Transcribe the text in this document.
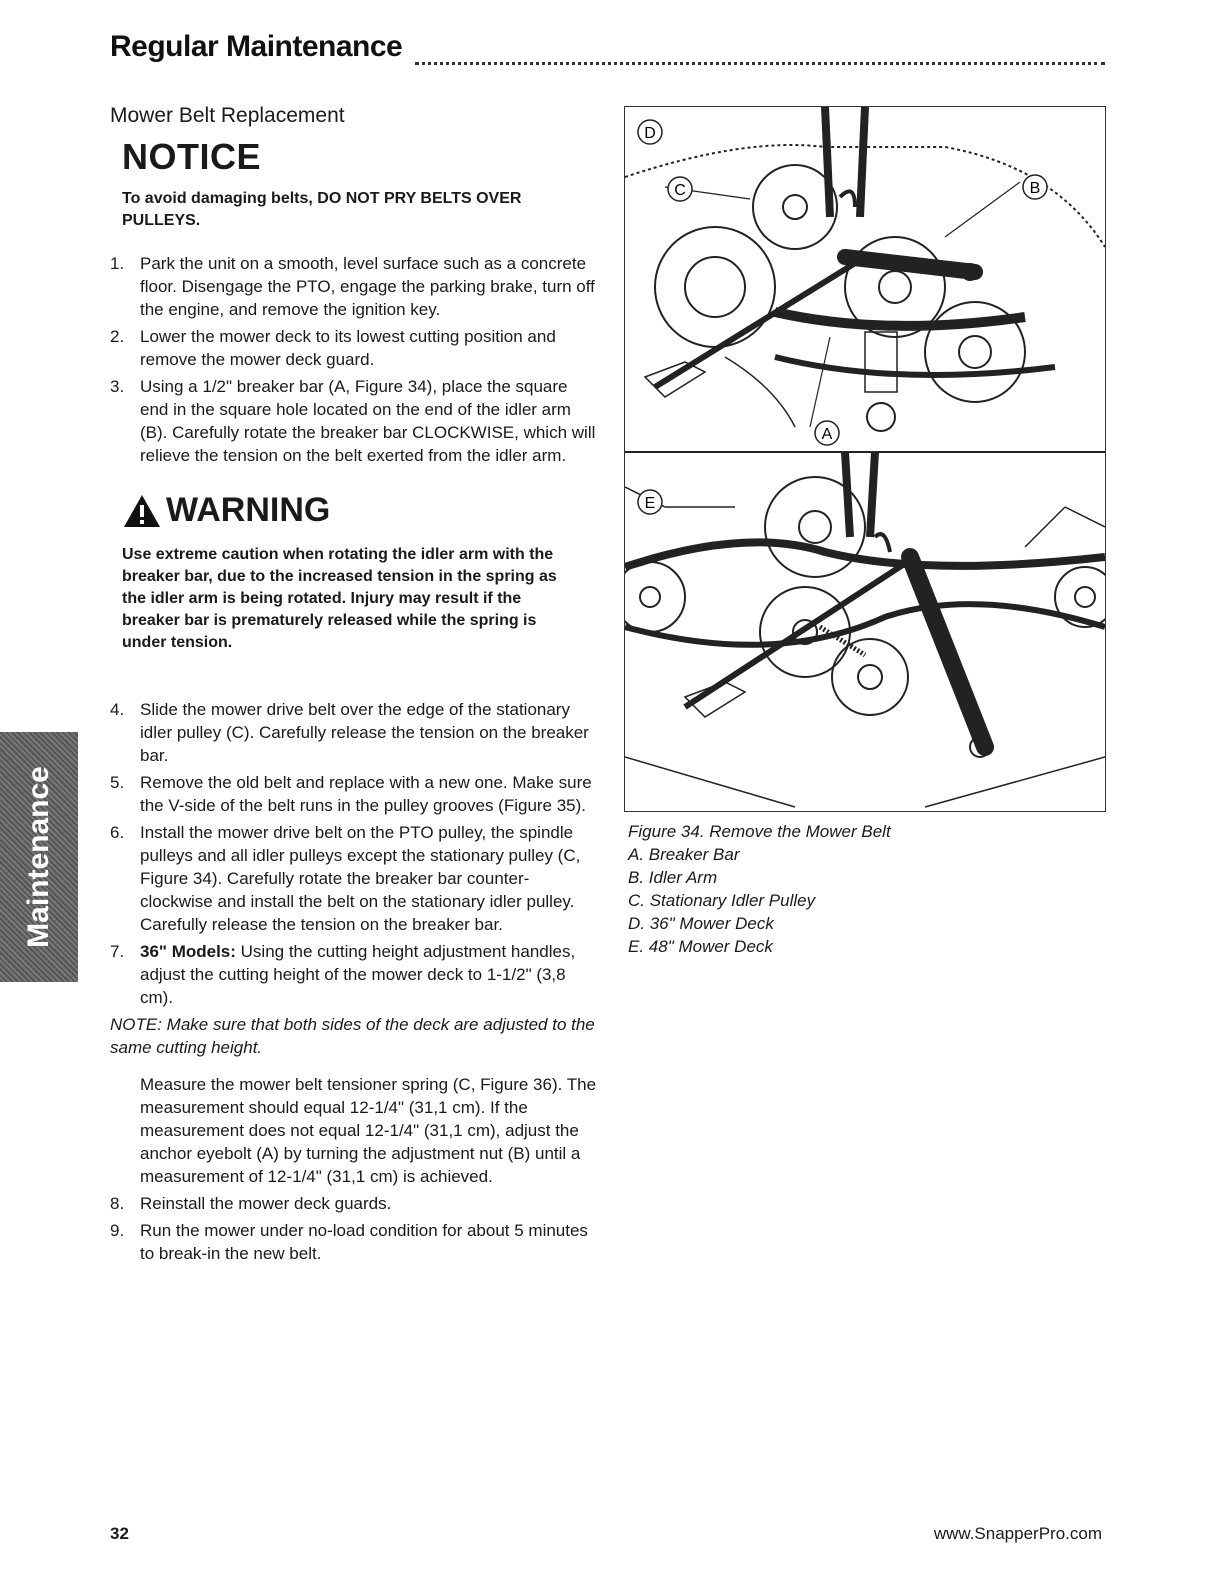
Regular Maintenance
Maintenance
Mower Belt Replacement
NOTICE

To avoid damaging belts, DO NOT PRY BELTS OVER PULLEYS.

1. Park the unit on a smooth, level surface such as a concrete floor. Disengage the PTO, engage the parking brake, turn off the engine, and remove the ignition key.
2. Lower the mower deck to its lowest cutting position and remove the mower deck guard.
3. Using a 1/2" breaker bar (A, Figure 34), place the square end in the square hole located on the end of the idler arm (B). Carefully rotate the breaker bar CLOCKWISE, which will relieve the tension on the belt exerted from the idler arm.
WARNING

Use extreme caution when rotating the idler arm with the breaker bar, due to the increased tension in the spring as the idler arm is being rotated. Injury may result if the breaker bar is prematurely released while the spring is under tension.

4. Slide the mower drive belt over the edge of the stationary idler pulley (C). Carefully release the tension on the breaker bar.
5. Remove the old belt and replace with a new one. Make sure the V-side of the belt runs in the pulley grooves (Figure 35).
6. Install the mower drive belt on the PTO pulley, the spindle pulleys and all idler pulleys except the stationary pulley (C, Figure 34). Carefully rotate the breaker bar counter-clockwise and install the belt on the stationary idler pulley. Carefully release the tension on the breaker bar.
7. 36" Models: Using the cutting height adjustment handles, adjust the cutting height of the mower deck to 1-1/2" (3,8 cm).

NOTE: Make sure that both sides of the deck are adjusted to the same cutting height.

Measure the mower belt tensioner spring (C, Figure 36). The measurement should equal 12-1/4" (31,1 cm). If the measurement does not equal 12-1/4" (31,1 cm), adjust the anchor eyebolt (A) by turning the adjustment nut (B) until a measurement of 12-1/4" (31,1 cm) is achieved.

8. Reinstall the mower deck guards.
9. Run the mower under no-load condition for about 5 minutes to break-in the new belt.
D
C	B
A
E
Figure 34. Remove the Mower Belt
A. Breaker Bar
B. Idler Arm
C. Stationary Idler Pulley
D. 36" Mower Deck
E. 48" Mower Deck
32	www.SnapperPro.com
